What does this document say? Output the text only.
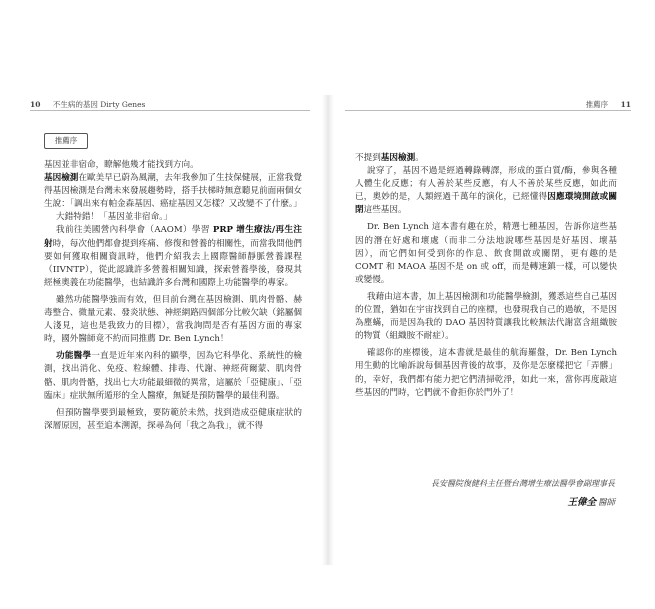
10 不生病的基因 Dirty Genes	推薦序 11
推薦序

基因並非宿命，瞭解他幾才能找到方向。

基因檢測在歐美早已蔚為風潮，去年我參加了生技保健展，正當我覺得基因檢測是台灣未來發展趨勢時，搭手扶梯時無意聽見前面兩個女生說：「調出來有帕金森基因、癌症基因又怎樣？又改變不了什麼。」

大錯特錯！「基因並非宿命。」

我前往美國營內科學會（AAOM）學習 PRP 增生療法/再生注射時，每次他們都會提到疼痛、修復和營養的相關性，而當我問他們要如何獲取相關資訊時，他們介紹我去上國際醫師靜脈營養課程（IIVNTP），從此認識許多營養相關知識，探索營養學後，發現其經極奧義在功能醫學，也結識許多台灣和國際上功能醫學的專家。

雖然功能醫學強而有效，但目前台灣在基因檢測、肌肉骨骼、赫毒整合、微量元素、發炎狀態、神經網路四個部分比較欠缺（銘屬個人淺見，這也是我致力的目標），當我詢問是否有基因方面的專家時，國外醫師竟不約而同推薦 Dr. Ben Lynch！

功能醫學一直是近年來內科的顯學，因為它科學化、系統性的檢測，找出消化、免疫、粒線體、排毒、代謝、神經荷爾蒙、肌肉骨骼、肌肉骨骼，找出七大功能最細微的異常，這屬於「亞健康」、「亞臨床」症狀無所遁形的全人醫療，無疑是預防醫學的最佳利器。

但預防醫學要到最極致，要防範於未然，找到造成亞健康症狀的深層原因，甚至追本溯源，探尋為何「我之為我」，就不得

不提到基因檢測。

說穿了，基因不過是經過轉錄轉譯，形成的蛋白質/酶，參與各種人體生化反應；有人善於某些反應，有人不善於某些反應，如此而已，奧妙的是，人類經過千萬年的演化，已經懂得因應環境開啟或關閉這些基因。

Dr. Ben Lynch 這本書有趣在於，精選七種基因，告訴你這些基因的潛在好處和壞處（而非二分法地說哪些基因是好基因、壞基因），而它們如何受到你的作息、飲食開啟或關閉，更有趣的是 COMT 和 MAOA 基因不是 on 或 off，而是轉速鎮一樣，可以變快或變慢。

我藉由這本書，加上基因檢測和功能醫學檢測，獲悉這些自己基因的位置，猶如在宇宙找到自己的座標，也發現我自己的過敏，不是因為塵蟎，而是因為我的 DAO 基因特質讓我比較無法代謝富含組織胺的物質（組織胺不耐症）。

確認你的座標後，這本書就是最佳的航海羅盤，Dr. Ben Lynch 用生動的比喻訴說每個基因背後的故事，及你是怎麼樣把它「弄髒」的，幸好，我們都有能力把它們清掃乾淨，如此一來，當你再度敲這些基因的門時，它們就不會拒你於門外了！

長安醫院復健科主任暨台灣增生療法醫學會副理事長
王偉全 醫師
